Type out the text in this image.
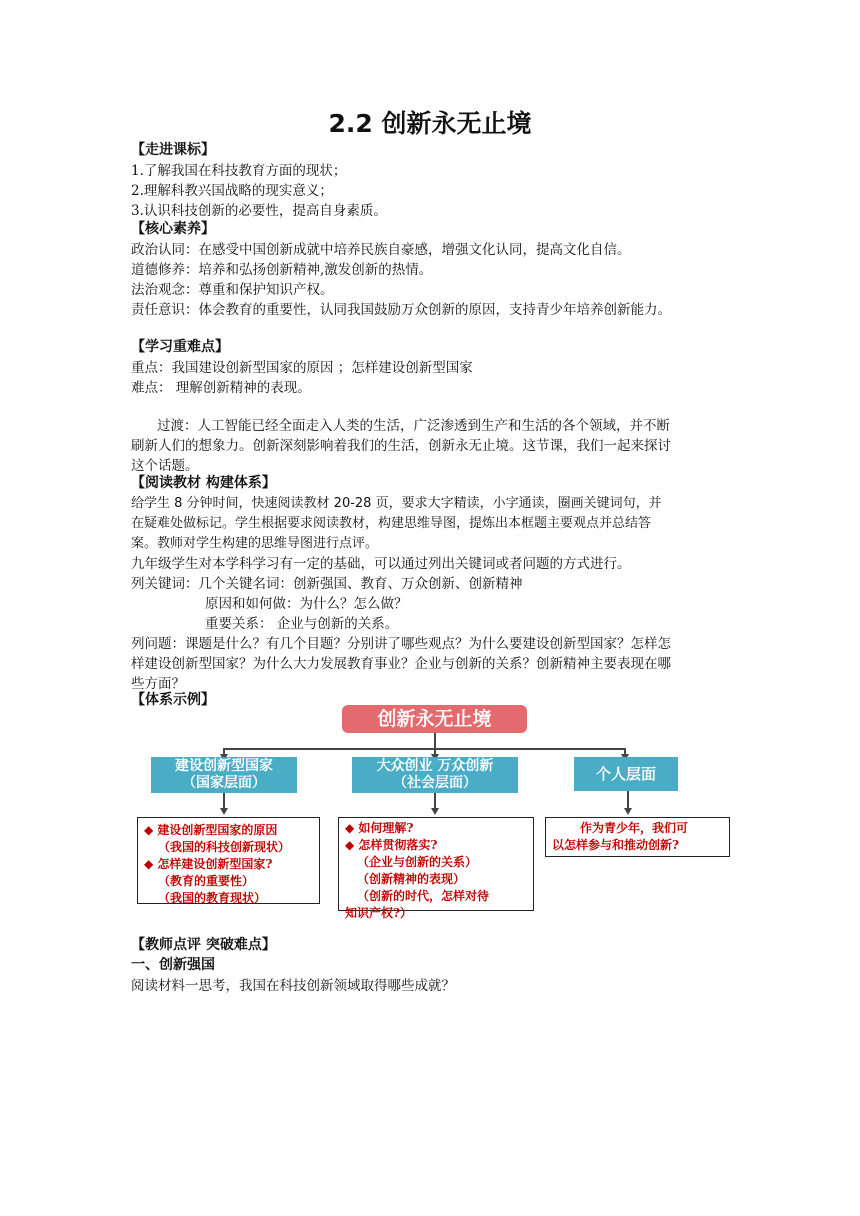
2.2 创新永无止境
【走进课标】
1.了解我国在科技教育方面的现状；
2.理解科教兴国战略的现实意义；
3.认识科技创新的必要性，提高自身素质。
【核心素养】
政治认同：在感受中国创新成就中培养民族自豪感，增强文化认同，提高文化自信。
道德修养：培养和弘扬创新精神,激发创新的热情。
法治观念：尊重和保护知识产权。
责任意识：体会教育的重要性，认同我国鼓励万众创新的原因，支持青少年培养创新能力。
【学习重难点】
重点：我国建设创新型国家的原因 ；怎样建设创新型国家
难点： 理解创新精神的表现。
过渡：人工智能已经全面走入人类的生活，广泛渗透到生产和生活的各个领域，并不断
刷新人们的想象力。创新深刻影响着我们的生活，创新永无止境。这节课，我们一起来探讨
这个话题。
【阅读教材 构建体系】
给学生 8 分钟时间，快速阅读教材 20-28 页，要求大字精读，小字通读，圈画关键词句，并
在疑难处做标记。学生根据要求阅读教材，构建思维导图，提炼出本框题主要观点并总结答
案。教师对学生构建的思维导图进行点评。
九年级学生对本学科学习有一定的基础，可以通过列出关键词或者问题的方式进行。
列关键词：几个关键名词：创新强国、教育、万众创新、创新精神
原因和如何做：为什么？怎么做？
重要关系： 企业与创新的关系。
列问题：课题是什么？有几个目题？分别讲了哪些观点？为什么要建设创新型国家？怎样怎
样建设创新型国家？为什么大力发展教育事业？企业与创新的关系？创新精神主要表现在哪
些方面？
【体系示例】
创新永无止境
建设创新型国家
（国家层面）
大众创业 万众创新
（社会层面）	个人层面
◆ 建设创新型国家的原因
（我国的科技创新现状）
◆ 怎样建设创新型国家?
（教育的重要性）
（我国的教育现状）
◆ 如何理解?
◆ 怎样贯彻落实?
（企业与创新的关系）
（创新精神的表现）
（创新的时代，怎样对待
知识产权?）
作为青少年，我们可
以怎样参与和推动创新?
【教师点评 突破难点】
一、创新强国
阅读材料一思考，我国在科技创新领域取得哪些成就？
